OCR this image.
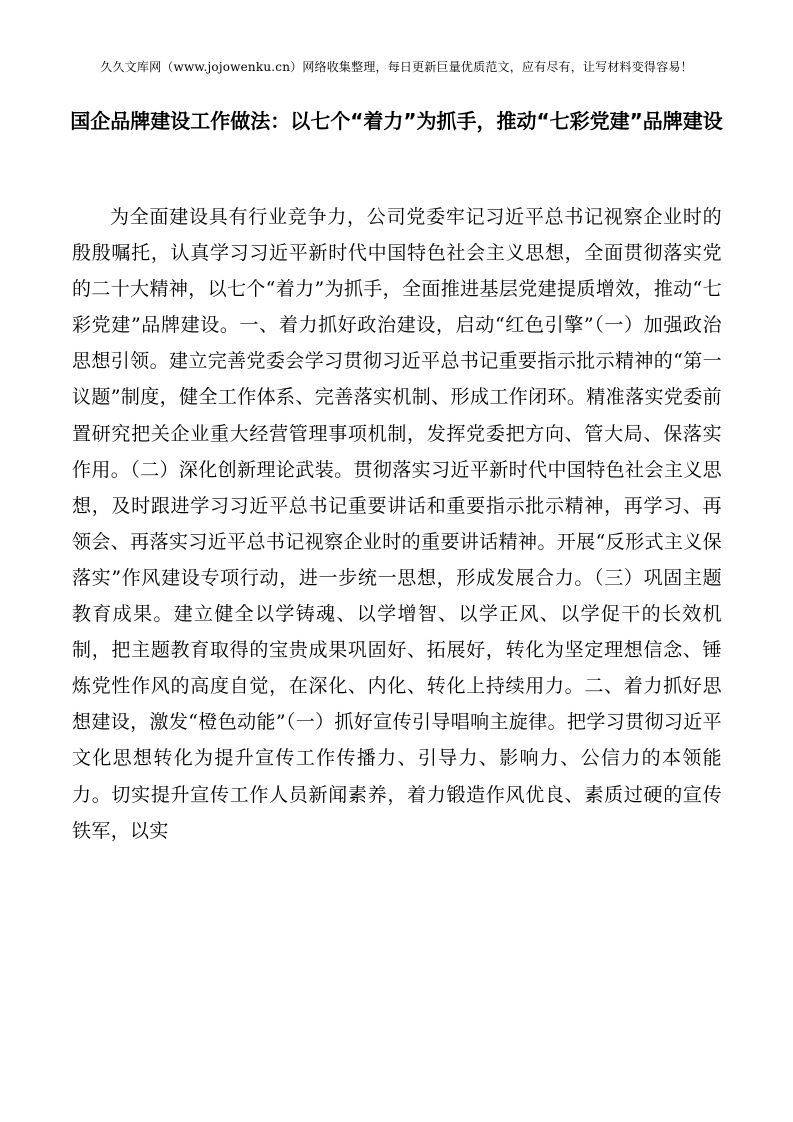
久久文库网（www.jojowenku.cn）网络收集整理，每日更新巨量优质范文，应有尽有，让写材料变得容易！
国企品牌建设工作做法：以七个“着力”为抓手，推动“七彩党建”品牌建设
为全面建设具有行业竞争力，公司党委牢记习近平总书记视察企业时的殷殷嘱托，认真学习习近平新时代中国特色社会主义思想，全面贯彻落实党的二十大精神，以七个“着力”为抓手，全面推进基层党建提质增效，推动“七彩党建”品牌建设。一、着力抓好政治建设，启动“红色引擎”（一）加强政治思想引领。建立完善党委会学习贯彻习近平总书记重要指示批示精神的“第一议题”制度，健全工作体系、完善落实机制、形成工作闭环。精准落实党委前置研究把关企业重大经营管理事项机制，发挥党委把方向、管大局、保落实作用。（二）深化创新理论武装。贯彻落实习近平新时代中国特色社会主义思想，及时跟进学习习近平总书记重要讲话和重要指示批示精神，再学习、再领会、再落实习近平总书记视察企业时的重要讲话精神。开展“反形式主义保落实”作风建设专项行动，进一步统一思想，形成发展合力。（三）巩固主题教育成果。建立健全以学铸魂、以学增智、以学正风、以学促干的长效机制，把主题教育取得的宝贵成果巩固好、拓展好，转化为坚定理想信念、锤炼党性作风的高度自觉，在深化、内化、转化上持续用力。二、着力抓好思想建设，激发“橙色动能”（一）抓好宣传引导唱响主旋律。把学习贯彻习近平文化思想转化为提升宣传工作传播力、引导力、影响力、公信力的本领能力。切实提升宣传工作人员新闻素养，着力锻造作风优良、素质过硬的宣传铁军，以实
